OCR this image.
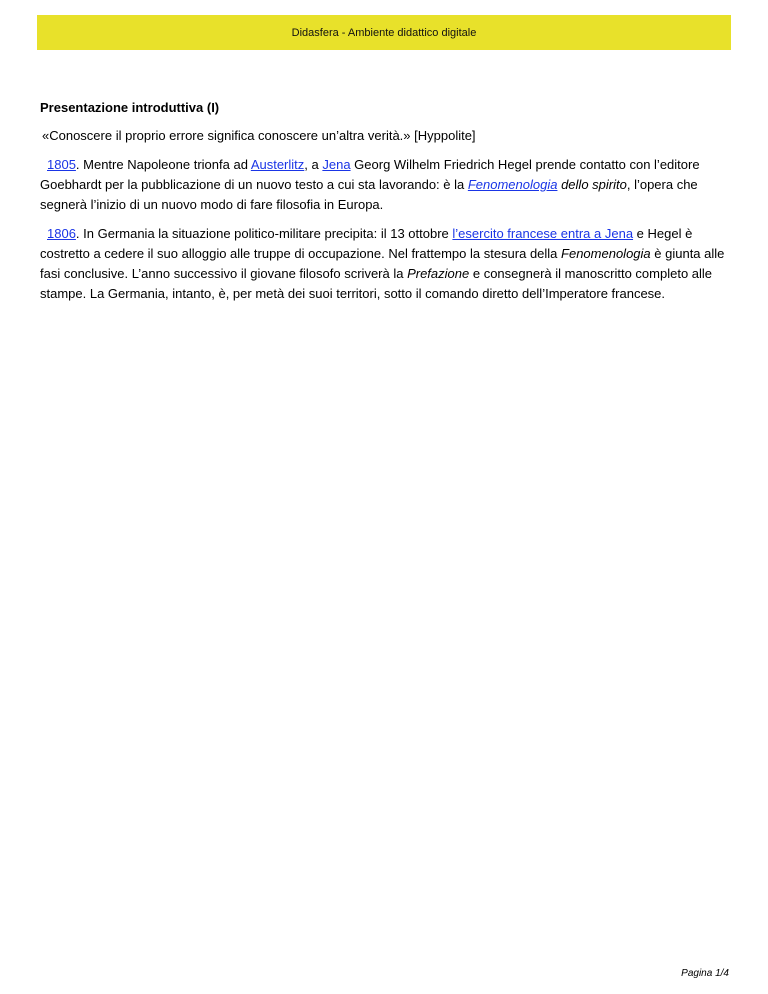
Didasfera - Ambiente didattico digitale
Presentazione introduttiva (I)
«Conoscere il proprio errore significa conoscere un’altra verità.» [Hyppolite]

1805. Mentre Napoleone trionfa ad Austerlitz, a Jena Georg Wilhelm Friedrich Hegel prende contatto con l’editore Goebhardt per la pubblicazione di un nuovo testo a cui sta lavorando: è la Fenomenologia dello spirito, l’opera che segnerà l’inizio di un nuovo modo di fare filosofia in Europa.

1806. In Germania la situazione politico-militare precipita: il 13 ottobre l’esercito francese entra a Jena e Hegel è costretto a cedere il suo alloggio alle truppe di occupazione. Nel frattempo la stesura della Fenomenologia è giunta alle fasi conclusive. L’anno successivo il giovane filosofo scriverà la Prefazione e consegnerà il manoscritto completo alle stampe. La Germania, intanto, è, per metà dei suoi territori, sotto il comando diretto dell’Imperatore francese.

Pagina 1/4
